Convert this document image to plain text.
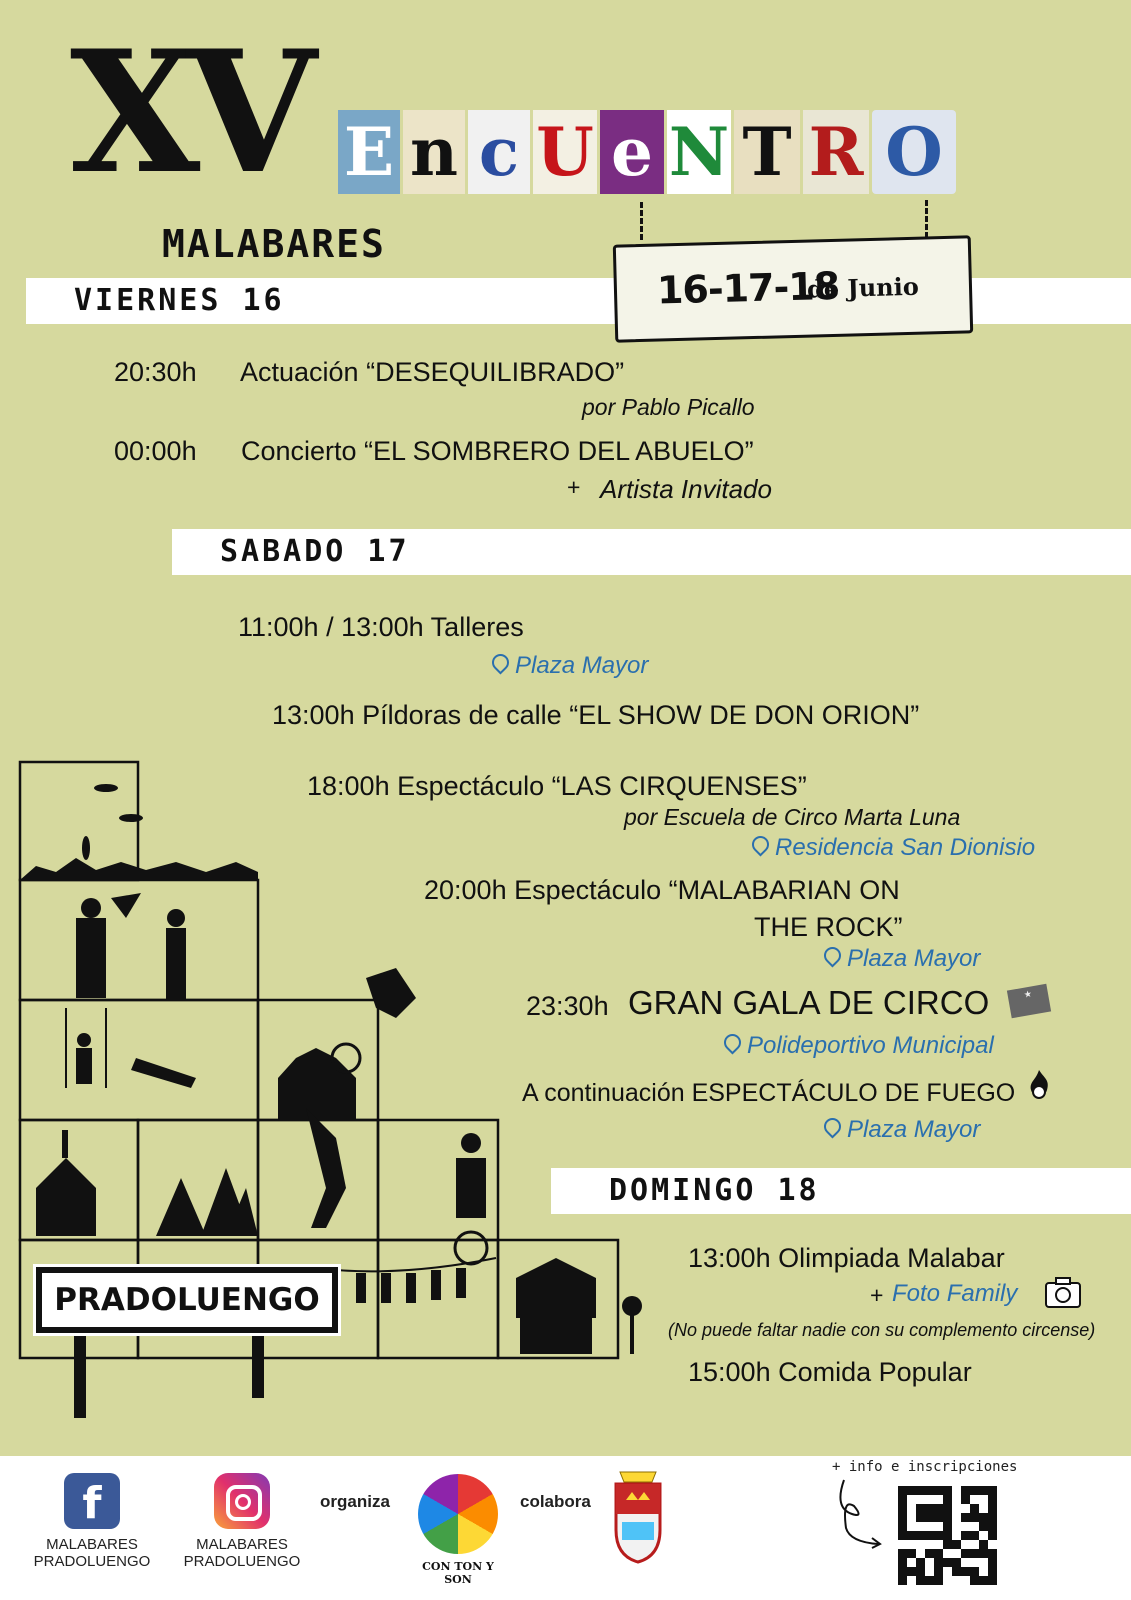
XV E n c U e N T R O
MALABARES
VIERNES 16
SABADO 17
DOMINGO 18
16-17-18
de Junio
20:30h Actuación “DESEQUILIBRADO”
por Pablo Picallo
00:00h Concierto “EL SOMBRERO DEL ABUELO”
+ Artista Invitado
11:00h / 13:00h Talleres
Plaza Mayor
13:00h Píldoras de calle “EL SHOW DE DON ORION”
18:00h Espectáculo “LAS CIRQUENSES”
por Escuela de Circo Marta Luna
Residencia San Dionisio
20:00h Espectáculo “MALABARIAN ON
THE ROCK”
Plaza Mayor
23:30h GRAN GALA DE CIRCO	★
Polideportivo Municipal
A continuación ESPECTÁCULO DE FUEGO
Plaza Mayor
13:00h Olimpiada Malabar
+ Foto Family
(No puede faltar nadie con su complemento circense)
15:00h Comida Popular
PRADOLUENGO
f
MALABARES PRADOLUENGO
MALABARES PRADOLUENGO
organiza
CON TON Y SON
colabora
+ info e inscripciones
